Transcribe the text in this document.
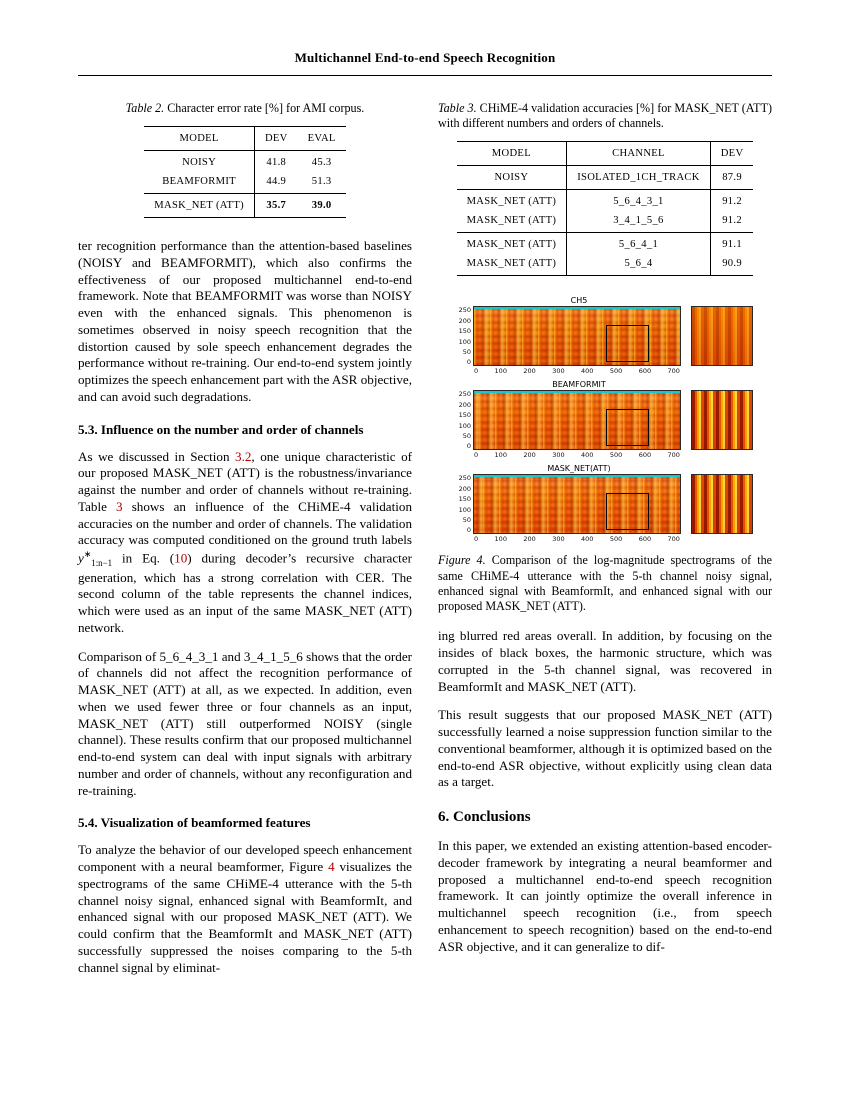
Multichannel End-to-end Speech Recognition
Table 2. Character error rate [%] for AMI corpus.
MODEL	DEV	EVAL
NOISY	41.8	45.3
BEAMFORMIT	44.9	51.3
MASK_NET (ATT)	35.7	39.0

ter recognition performance than the attention-based baselines (NOISY and BEAMFORMIT), which also confirms the effectiveness of our proposed multichannel end-to-end framework. Note that BEAMFORMIT was worse than NOISY even with the enhanced signals. This phenomenon is sometimes observed in noisy speech recognition that the distortion caused by sole speech enhancement degrades the performance without re-training. Our end-to-end system jointly optimizes the speech enhancement part with the ASR objective, and can avoid such degradations.

5.3. Influence on the number and order of channels

As we discussed in Section 3.2, one unique characteristic of our proposed MASK_NET (ATT) is the robustness/invariance against the number and order of channels without re-training. Table 3 shows an influence of the CHiME-4 validation accuracies on the number and order of channels. The validation accuracy was computed conditioned on the ground truth labels $y^∗_{1:n-1}$ in Eq. (10) during decoder’s recursive character generation, which has a strong correlation with CER. The second column of the table represents the channel indices, which were used as an input of the same MASK_NET (ATT) network.

Comparison of 5_6_4_3_1 and 3_4_1_5_6 shows that the order of channels did not affect the recognition performance of MASK_NET (ATT) at all, as we expected. In addition, even when we used fewer three or four channels as an input, MASK_NET (ATT) still outperformed NOISY (single channel). These results confirm that our proposed multichannel end-to-end system can deal with input signals with arbitrary number and order of channels, without any reconfiguration and re-training.

5.4. Visualization of beamformed features

To analyze the behavior of our developed speech enhancement component with a neural beamformer, Figure 4 visualizes the spectrograms of the same CHiME-4 utterance with the 5-th channel noisy signal, enhanced signal with BeamformIt, and enhanced signal with our proposed MASK_NET (ATT). We could confirm that the BeamformIt and MASK_NET (ATT) successfully suppressed the noises comparing to the 5-th channel signal by eliminat-

Table 3. CHiME-4 validation accuracies [%] for MASK_NET (ATT) with different numbers and orders of channels.
MODEL	CHANNEL	DEV
NOISY	ISOLATED_1CH_TRACK	87.9
MASK_NET (ATT)	5_6_4_3_1	91.2
MASK_NET (ATT)	3_4_1_5_6	91.2
MASK_NET (ATT)	5_6_4_1	91.1
MASK_NET (ATT)	5_6_4	90.9
CH5
250
200
150
100
50
0
0	100	200	300	400	500	600	700
BEAMFORMIT
250
200
150
100
50
0
0	100	200	300	400	500	600	700
MASK_NET(ATT)
250
200
150
100
50
0
0	100	200	300	400	500	600	700
Figure 4. Comparison of the log-magnitude spectrograms of the same CHiME-4 utterance with the 5-th channel noisy signal, enhanced signal with BeamformIt, and enhanced signal with our proposed MASK_NET (ATT).

ing blurred red areas overall. In addition, by focusing on the insides of black boxes, the harmonic structure, which was corrupted in the 5-th channel signal, was recovered in BeamformIt and MASK_NET (ATT).

This result suggests that our proposed MASK_NET (ATT) successfully learned a noise suppression function similar to the conventional beamformer, although it is optimized based on the end-to-end ASR objective, without explicitly using clean data as a target.

6. Conclusions

In this paper, we extended an existing attention-based encoder-decoder framework by integrating a neural beamformer and proposed a multichannel end-to-end speech recognition framework. It can jointly optimize the overall inference in multichannel speech recognition (i.e., from speech enhancement to speech recognition) based on the end-to-end ASR objective, and it can generalize to dif-
